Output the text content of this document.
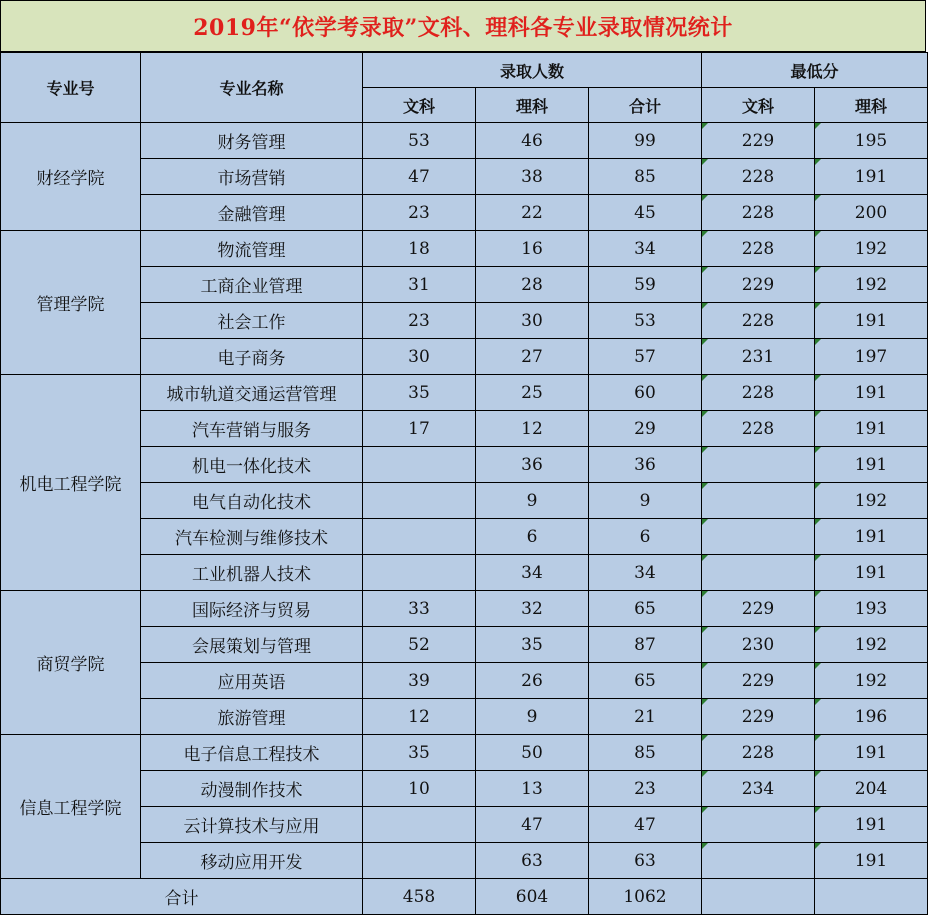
2019年“依学考录取”文科、理科各专业录取情况统计
专业号	专业名称	录取人数			最低分	
		文科	理科	合计	文科	理科
财经学院	财务管理	53	46	99	229	195
	市场营销	47	38	85	228	191
	金融管理	23	22	45	228	200
管理学院	物流管理	18	16	34	228	192
	工商企业管理	31	28	59	229	192
	社会工作	23	30	53	228	191
	电子商务	30	27	57	231	197
机电工程学院	城市轨道交通运营管理	35	25	60	228	191
	汽车营销与服务	17	12	29	228	191
	机电一体化技术		36	36		191
	电气自动化技术		9	9		192
	汽车检测与维修技术		6	6		191
	工业机器人技术		34	34		191
商贸学院	国际经济与贸易	33	32	65	229	193
	会展策划与管理	52	35	87	230	192
	应用英语	39	26	65	229	192
	旅游管理	12	9	21	229	196
信息工程学院	电子信息工程技术	35	50	85	228	191
	动漫制作技术	10	13	23	234	204
	云计算技术与应用		47	47		191
	移动应用开发		63	63		191
合计		458	604	1062		
